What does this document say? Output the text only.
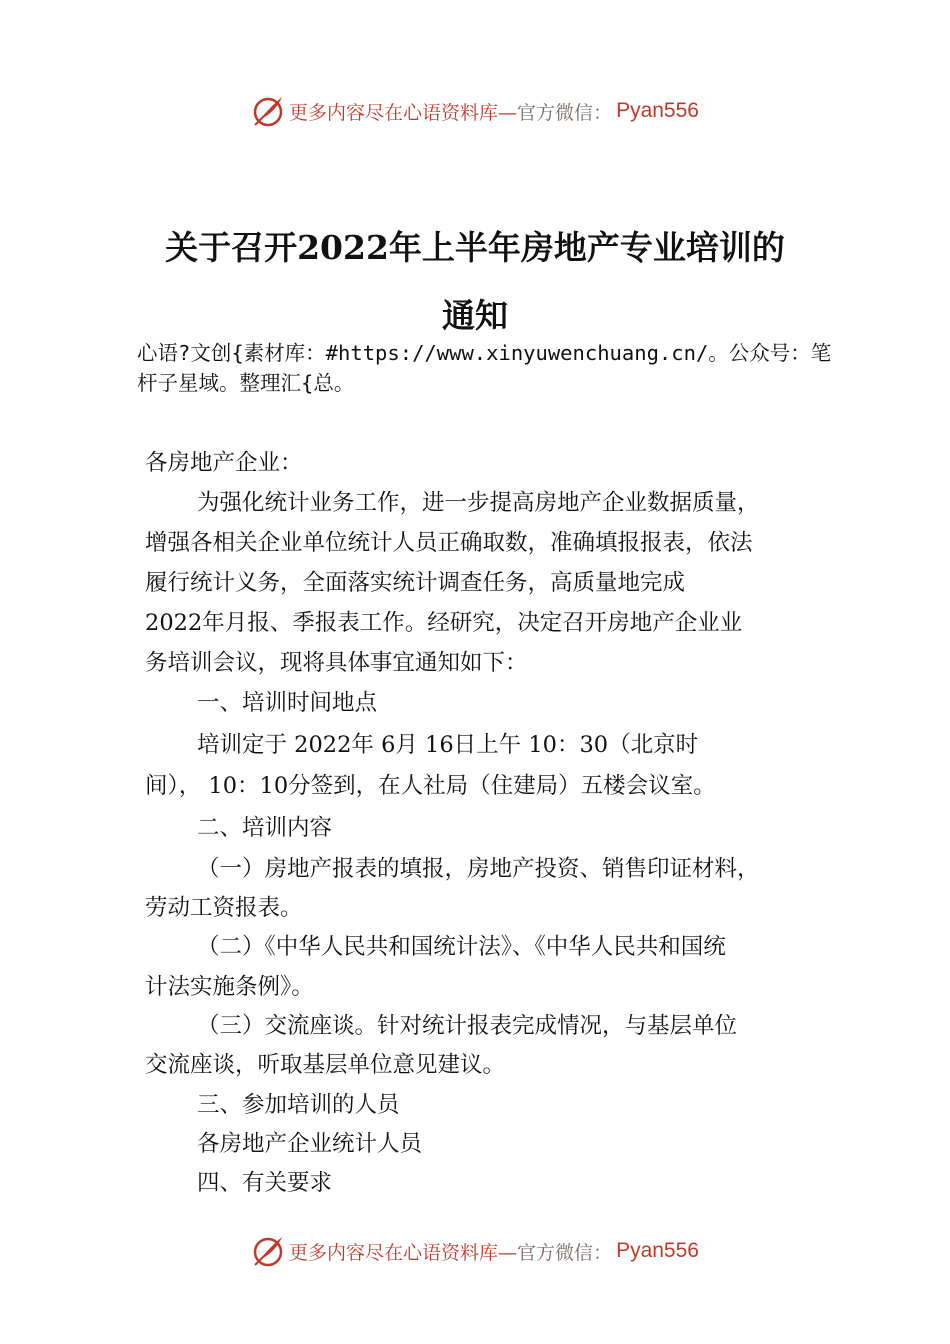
更多内容尽在心语资料库— 官方微信： Pyan556
关于召开2022年上半年房地产专业培训的
通知
心语?文创{素材库：#https://www.xinyuwenchuang.cn/。公众号：笔杆子星域。整理汇{总。
各房地产企业：
为强化统计业务工作，进一步提高房地产企业数据质量，
增强各相关企业单位统计人员正确取数，准确填报报表，依法
履行统计义务，全面落实统计调查任务，高质量地完成
2022年月报、季报表工作。经研究，决定召开房地产企业业
务培训会议，现将具体事宜通知如下：
一、培训时间地点
培训定于 2022年 6月 16日上午 10：30（北京时
间）， 10：10分签到，在人社局（住建局）五楼会议室。
二、培训内容
（一）房地产报表的填报，房地产投资、销售印证材料，
劳动工资报表。
（二）《中华人民共和国统计法》、《中华人民共和国统
计法实施条例》。
（三）交流座谈。针对统计报表完成情况，与基层单位
交流座谈，听取基层单位意见建议。
三、参加培训的人员
各房地产企业统计人员
四、有关要求
更多内容尽在心语资料库— 官方微信： Pyan556
